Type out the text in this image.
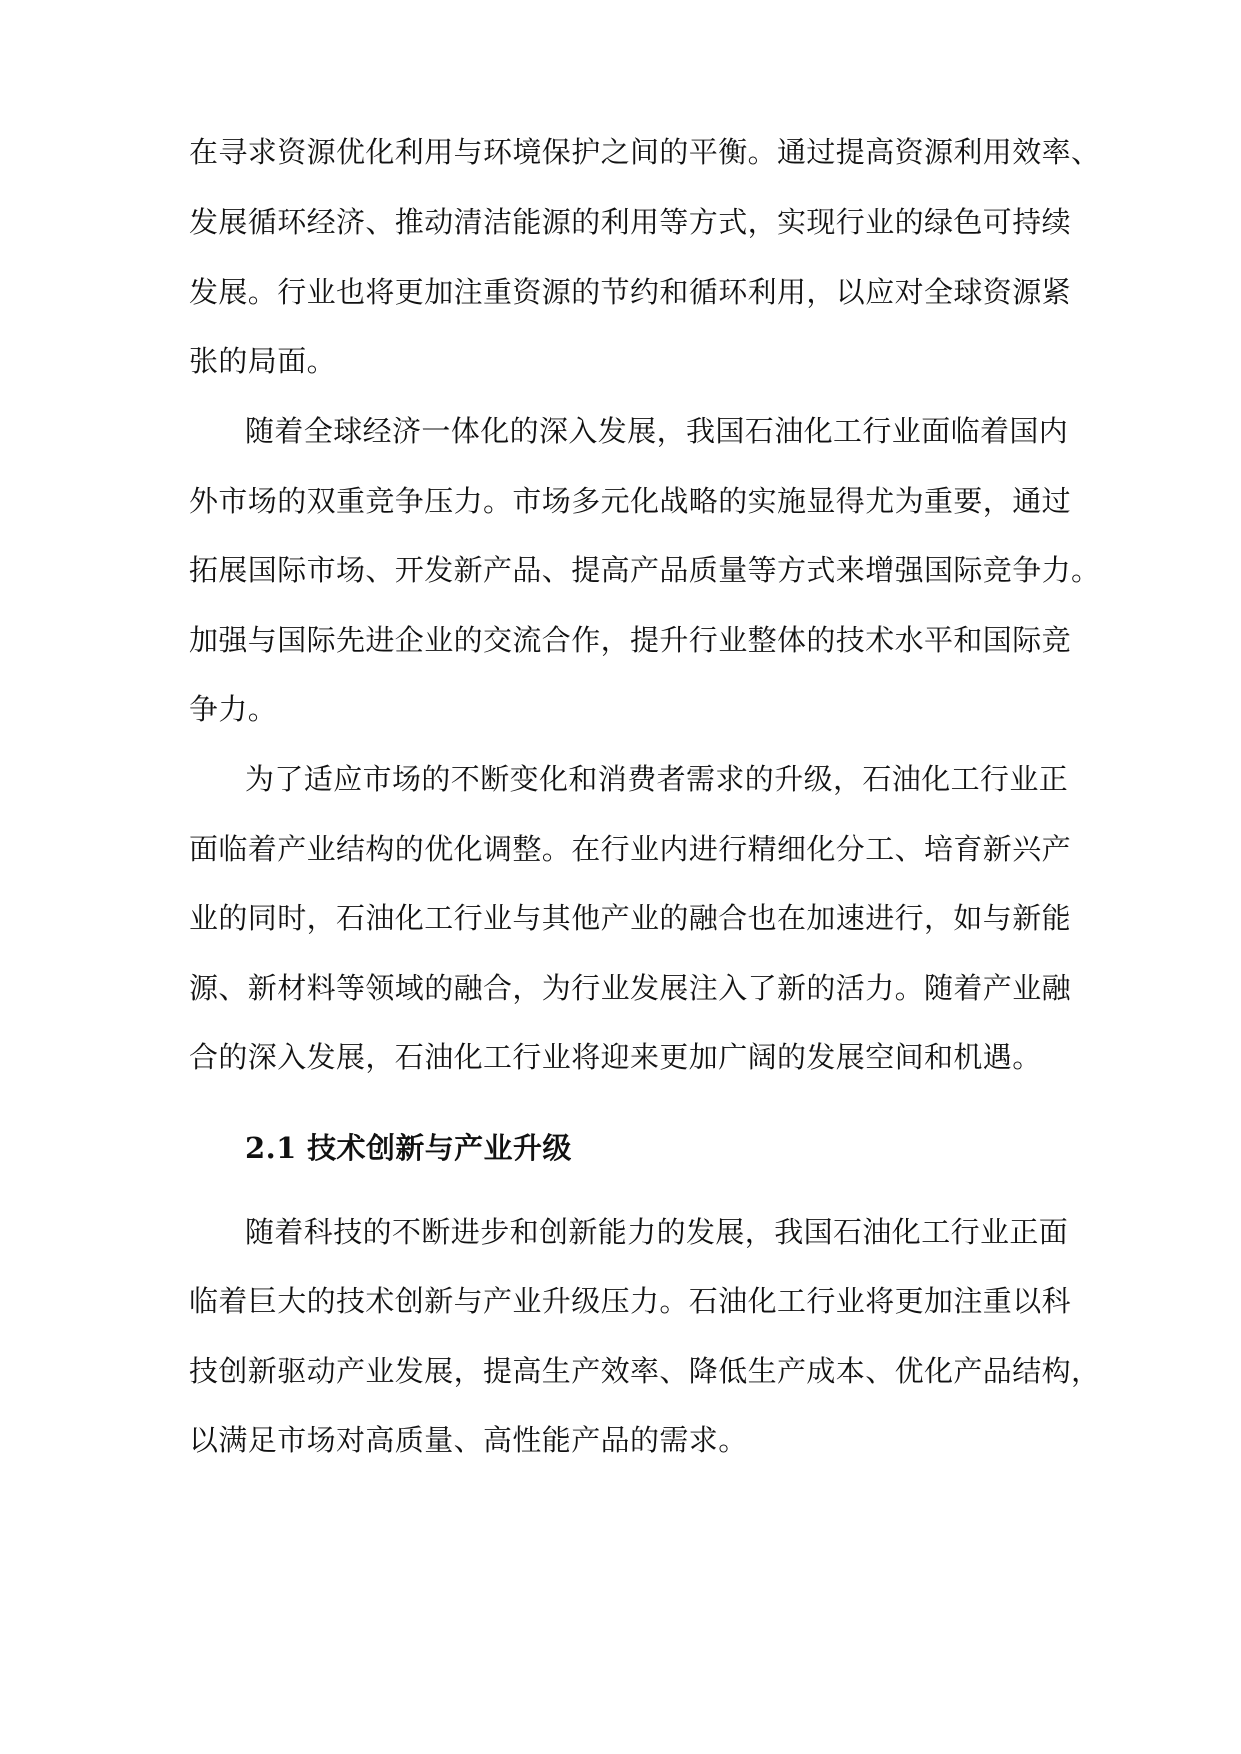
在寻求资源优化利用与环境保护之间的平衡。通过提高资源利用效率、
发展循环经济、推动清洁能源的利用等方式，实现行业的绿色可持续
发展。行业也将更加注重资源的节约和循环利用，以应对全球资源紧
张的局面。
随着全球经济一体化的深入发展，我国石油化工行业面临着国内
外市场的双重竞争压力。市场多元化战略的实施显得尤为重要，通过
拓展国际市场、开发新产品、提高产品质量等方式来增强国际竞争力。
加强与国际先进企业的交流合作，提升行业整体的技术水平和国际竞
争力。
为了适应市场的不断变化和消费者需求的升级，石油化工行业正
面临着产业结构的优化调整。在行业内进行精细化分工、培育新兴产
业的同时，石油化工行业与其他产业的融合也在加速进行，如与新能
源、新材料等领域的融合，为行业发展注入了新的活力。随着产业融
合的深入发展，石油化工行业将迎来更加广阔的发展空间和机遇。
2.1 技术创新与产业升级
随着科技的不断进步和创新能力的发展，我国石油化工行业正面
临着巨大的技术创新与产业升级压力。石油化工行业将更加注重以科
技创新驱动产业发展，提高生产效率、降低生产成本、优化产品结构，
以满足市场对高质量、高性能产品的需求。
